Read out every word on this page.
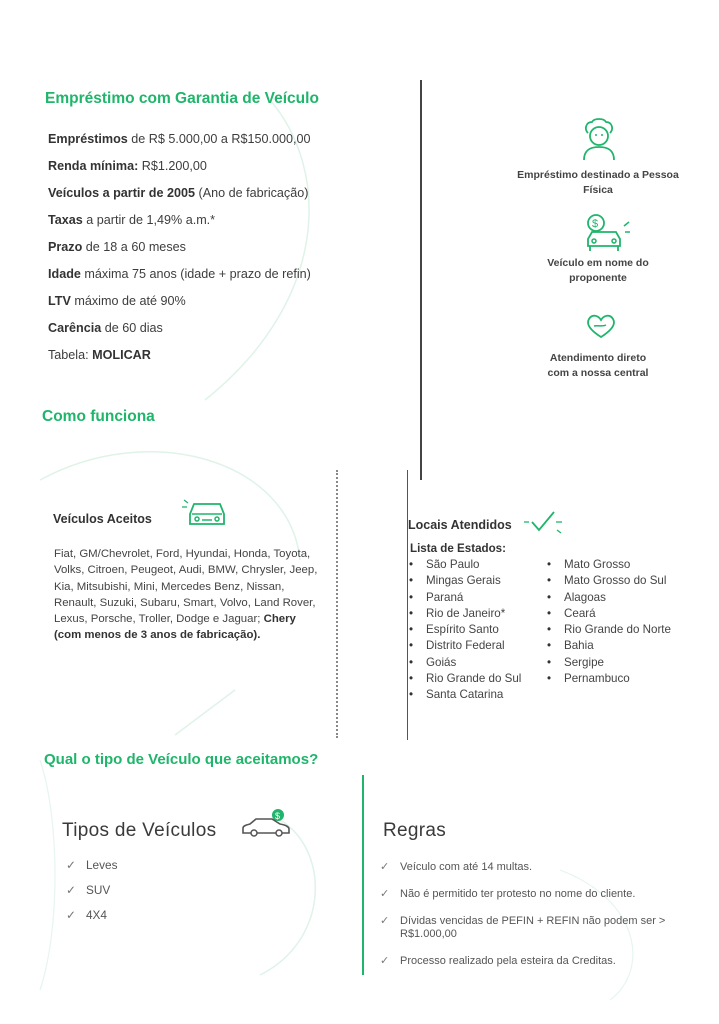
Empréstimo com Garantia de Veículo
Empréstimos de R$ 5.000,00 a R$150.000,00
Renda mínima: R$1.200,00
Veículos a partir de 2005 (Ano de fabricação)
Taxas a partir de 1,49% a.m.*
Prazo de 18 a 60 meses
Idade máxima 75 anos (idade + prazo de refin)
LTV máximo de até 90%
Carência de 60 dias
Tabela: MOLICAR
Empréstimo destinado a Pessoa
Física
$
Veículo em nome do
proponente
Atendimento direto
com a nossa central
Como funciona
Veículos Aceitos
Fiat, GM/Chevrolet, Ford, Hyundai, Honda, Toyota, Volks, Citroen, Peugeot, Audi, BMW, Chrysler, Jeep, Kia, Mitsubishi, Mini, Mercedes Benz, Nissan, Renault, Suzuki, Subaru, Smart, Volvo, Land Rover, Lexus, Porsche, Troller, Dodge e Jaguar; Chery (com menos de 3 anos de fabricação).
Locais Atendidos
Lista de Estados:
• São Paulo
• Mingas Gerais
• Paraná
• Rio de Janeiro*
• Espírito Santo
• Distrito Federal
• Goiás
• Rio Grande do Sul
• Santa Catarina
• Mato Grosso
• Mato Grosso do Sul
• Alagoas
• Ceará
• Rio Grande do Norte
• Bahia
• Sergipe
• Pernambuco
Qual o tipo de Veículo que aceitamos?
Tipos de Veículos
$
✓ Leves
✓ SUV
✓ 4X4
Regras
✓ Veículo com até 14 multas.
✓ Não é permitido ter protesto no nome do cliente.
✓ Dívidas vencidas de PEFIN + REFIN não podem ser > R$1.000,00
✓ Processo realizado pela esteira da Creditas.
